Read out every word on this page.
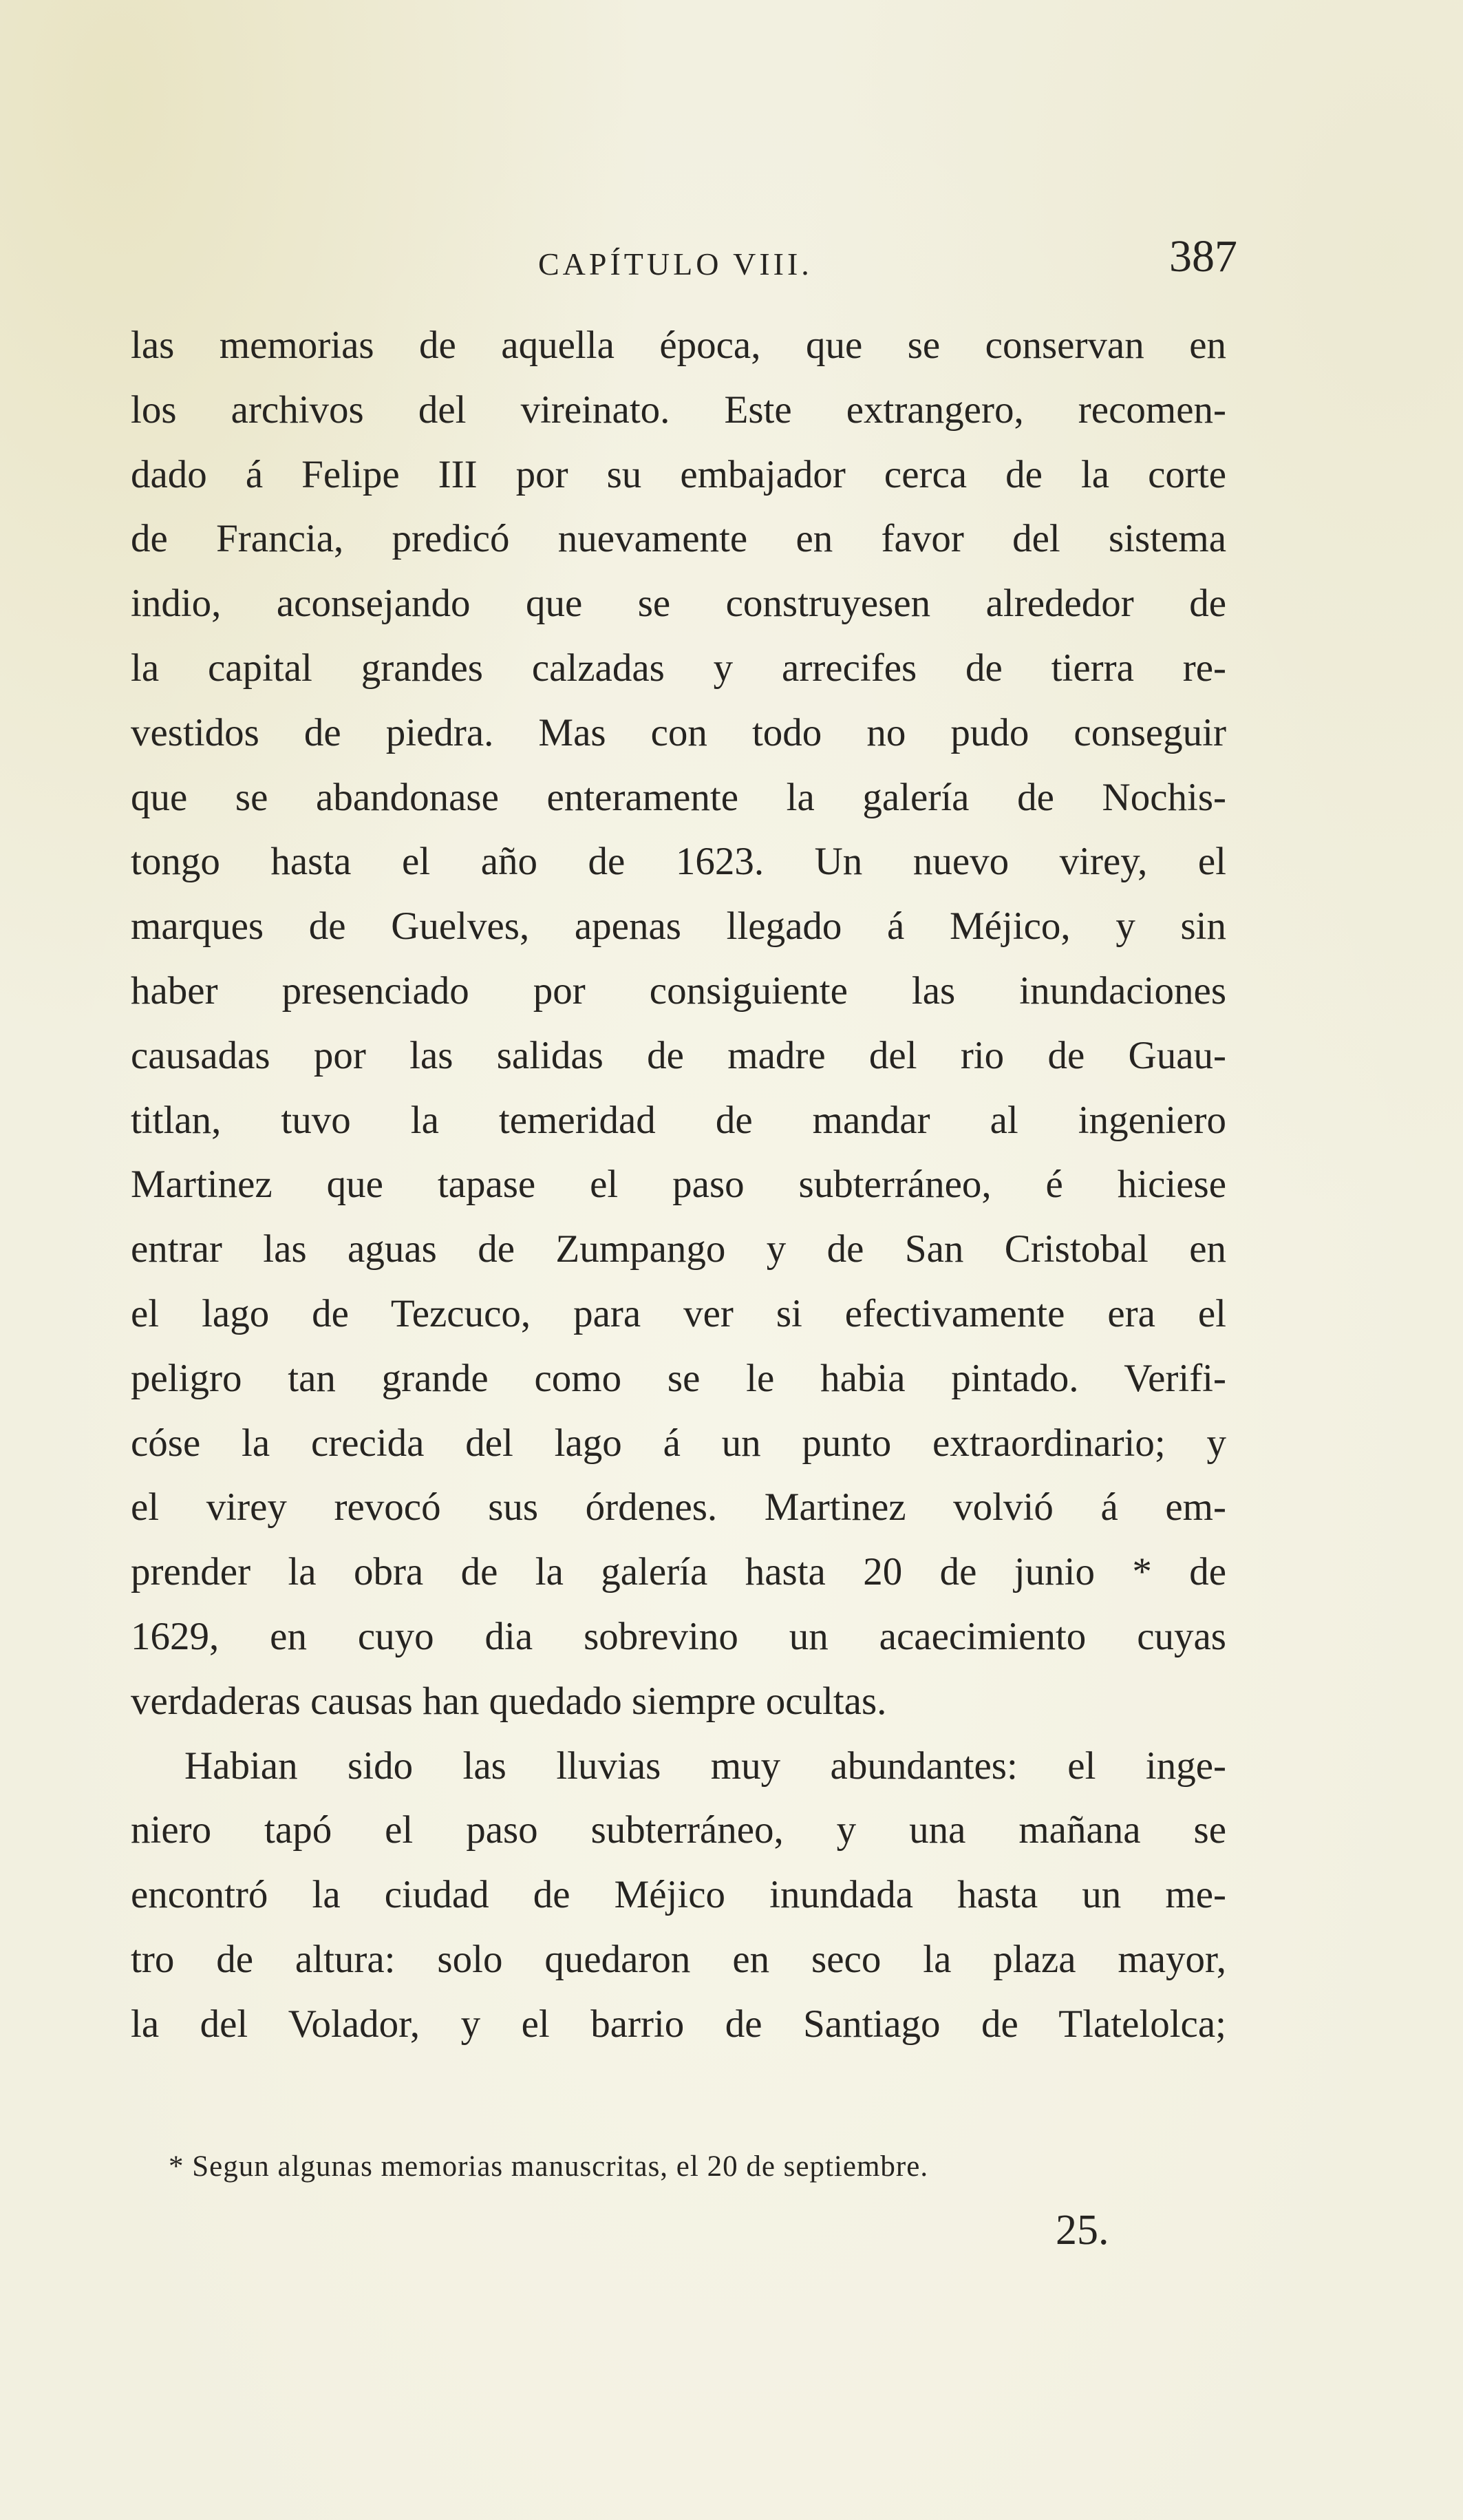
CAPÍTULO VIII.	387
las memorias de aquella época, que se conservan en
los archivos del vireinato. Este extrangero, recomen-
dado á Felipe III por su embajador cerca de la corte
de Francia, predicó nuevamente en favor del sistema
indio, aconsejando que se construyesen alrededor de
la capital grandes calzadas y arrecifes de tierra re-
vestidos de piedra. Mas con todo no pudo conseguir
que se abandonase enteramente la galería de Nochis-
tongo hasta el año de 1623. Un nuevo virey, el
marques de Guelves, apenas llegado á Méjico, y sin
haber presenciado por consiguiente las inundaciones
causadas por las salidas de madre del rio de Guau-
titlan, tuvo la temeridad de mandar al ingeniero
Martinez que tapase el paso subterráneo, é hiciese
entrar las aguas de Zumpango y de San Cristobal en
el lago de Tezcuco, para ver si efectivamente era el
peligro tan grande como se le habia pintado. Verifi-
cóse la crecida del lago á un punto extraordinario; y
el virey revocó sus órdenes. Martinez volvió á em-
prender la obra de la galería hasta 20 de junio * de
1629, en cuyo dia sobrevino un acaecimiento cuyas
verdaderas causas han quedado siempre ocultas.
Habian sido las lluvias muy abundantes: el inge-
niero tapó el paso subterráneo, y una mañana se
encontró la ciudad de Méjico inundada hasta un me-
tro de altura: solo quedaron en seco la plaza mayor,
la del Volador, y el barrio de Santiago de Tlatelolca;
* Segun algunas memorias manuscritas, el 20 de septiembre.
25.
